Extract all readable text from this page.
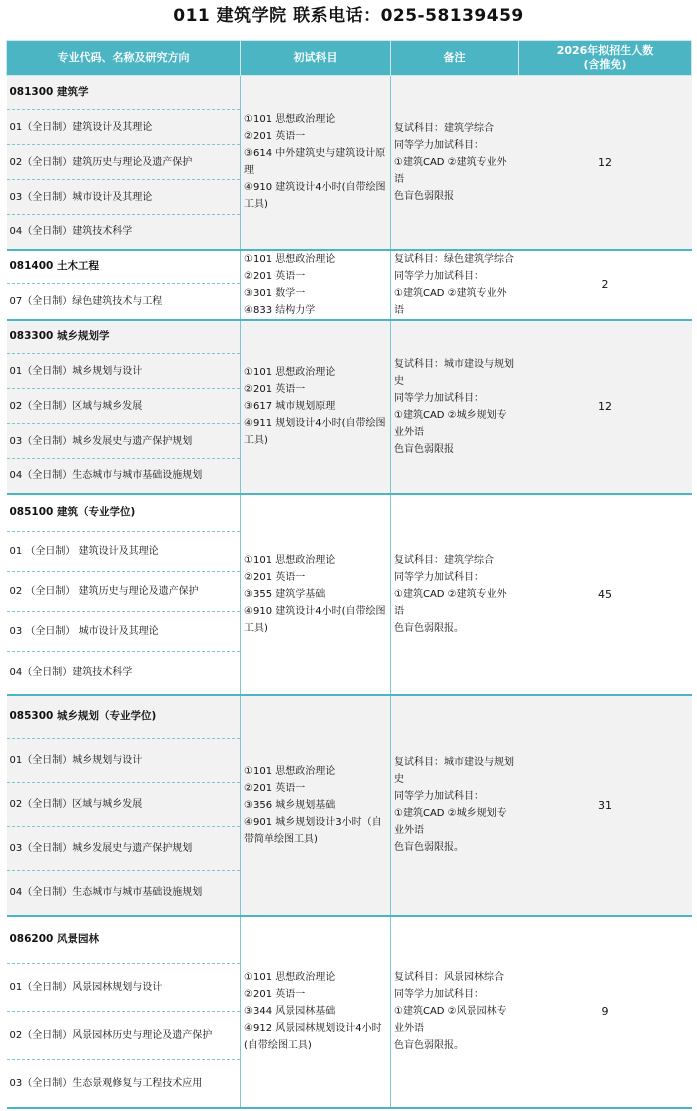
011 建筑学院 联系电话：025-58139459
专业代码、名称及研究方向	初试科目	备注	2026年拟招生人数
(含推免)

081300 建筑学	①101 思想政治理论
②201 英语一
③614 中外建筑史与建筑设计原理
④910 建筑设计4小时(自带绘图工具)	复试科目：建筑学综合
同等学力加试科目：
①建筑CAD ②建筑专业外语
色盲色弱限报	12
01（全日制）建筑设计及其理论			
02（全日制）建筑历史与理论及遗产保护			
03（全日制）城市设计及其理论			
04（全日制）建筑技术科学			
081400 土木工程	①101 思想政治理论
②201 英语一
③301 数学一
④833 结构力学	复试科目：绿色建筑学综合
同等学力加试科目：
①建筑CAD ②建筑专业外语	2
07（全日制）绿色建筑技术与工程			
083300 城乡规划学	①101 思想政治理论
②201 英语一
③617 城市规划原理
④911 规划设计4小时(自带绘图工具)	复试科目：城市建设与规划史
同等学力加试科目：
①建筑CAD ②城乡规划专业外语
色盲色弱限报	12
01（全日制）城乡规划与设计			
02（全日制）区域与城乡发展			
03（全日制）城乡发展史与遗产保护规划			
04（全日制）生态城市与城市基础设施规划			
085100 建筑（专业学位)	①101 思想政治理论
②201 英语一
③355 建筑学基础
④910 建筑设计4小时(自带绘图工具)	复试科目：建筑学综合
同等学力加试科目：
①建筑CAD ②建筑专业外语
色盲色弱限报。	45
01 （全日制） 建筑设计及其理论			
02 （全日制） 建筑历史与理论及遗产保护			
03 （全日制） 城市设计及其理论			
04（全日制）建筑技术科学			
085300 城乡规划（专业学位)	①101 思想政治理论
②201 英语一
③356 城乡规划基础
④901 城乡规划设计3小时（自带简单绘图工具)	复试科目：城市建设与规划史
同等学力加试科目：
①建筑CAD ②城乡规划专业外语
色盲色弱限报。	31
01（全日制）城乡规划与设计			
02（全日制）区域与城乡发展			
03（全日制）城乡发展史与遗产保护规划			
04（全日制）生态城市与城市基础设施规划			
086200 风景园林	①101 思想政治理论
②201 英语一
③344 风景园林基础
④912 风景园林规划设计4小时(自带绘图工具)	复试科目：风景园林综合
同等学力加试科目：
①建筑CAD ②风景园林专业外语
色盲色弱限报。	9
01（全日制）风景园林规划与设计			
02（全日制）风景园林历史与理论及遗产保护			
03（全日制）生态景观修复与工程技术应用			
